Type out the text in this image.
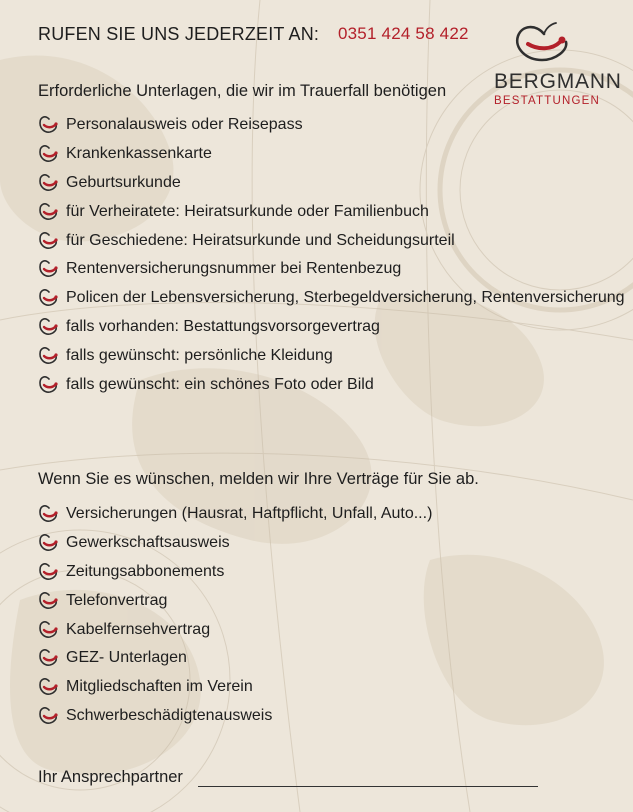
RUFEN SIE UNS JEDERZEIT AN: 0351 424 58 422
BERGMANN
BESTATTUNGEN
Erforderliche Unterlagen, die wir im Trauerfall benötigen
Personalausweis oder Reisepass
Krankenkassenkarte
Geburtsurkunde
für Verheiratete: Heiratsurkunde oder Familienbuch
für Geschiedene: Heiratsurkunde und Scheidungsurteil
Rentenversicherungsnummer bei Rentenbezug
Policen der Lebensversicherung, Sterbegeldversicherung, Rentenversicherung
falls vorhanden: Bestattungsvorsorgevertrag
falls gewünscht: persönliche Kleidung
falls gewünscht: ein schönes Foto oder Bild
Wenn Sie es wünschen, melden wir Ihre Verträge für Sie ab.
Versicherungen (Hausrat, Haftpflicht, Unfall, Auto...)
Gewerkschaftsausweis
Zeitungsabbonements
Telefonvertrag
Kabelfernsehvertrag
GEZ- Unterlagen
Mitgliedschaften im Verein
Schwerbeschädigtenausweis
Ihr Ansprechpartner
